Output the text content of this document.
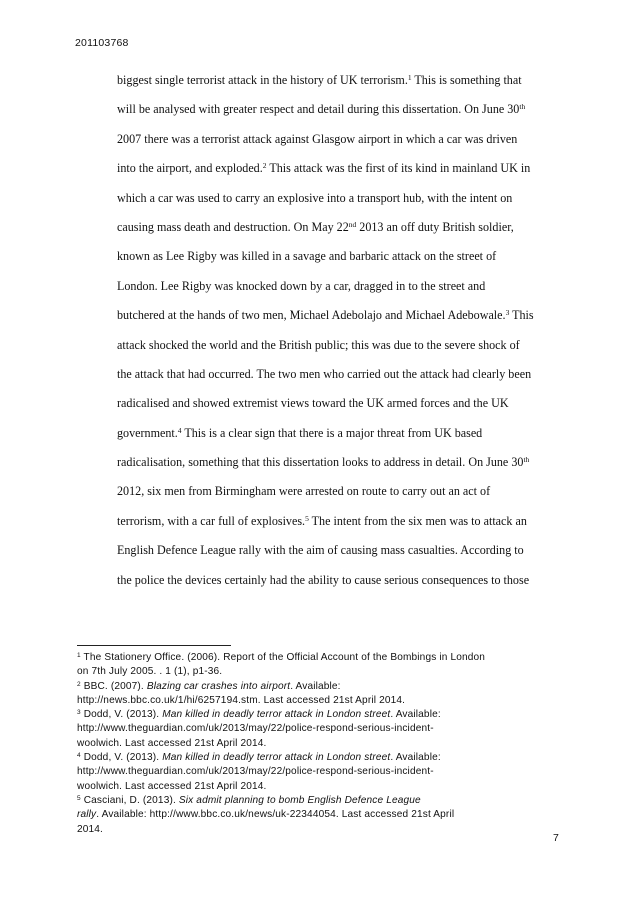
201103768
biggest single terrorist attack in the history of UK terrorism.$^1$ This is something that
will be analysed with greater respect and detail during this dissertation. On June 30th
2007 there was a terrorist attack against Glasgow airport in which a car was driven
into the airport, and exploded.$^2$ This attack was the first of its kind in mainland UK in
which a car was used to carry an explosive into a transport hub, with the intent on
causing mass death and destruction. On May 22nd 2013 an off duty British soldier,
known as Lee Rigby was killed in a savage and barbaric attack on the street of
London. Lee Rigby was knocked down by a car, dragged in to the street and
butchered at the hands of two men, Michael Adebolajo and Michael Adebowale.$^3$ This
attack shocked the world and the British public; this was due to the severe shock of
the attack that had occurred. The two men who carried out the attack had clearly been
radicalised and showed extremist views toward the UK armed forces and the UK
government.$^4$ This is a clear sign that there is a major threat from UK based
radicalisation, something that this dissertation looks to address in detail. On June 30th
2012, six men from Birmingham were arrested on route to carry out an act of
terrorism, with a car full of explosives.$^5$ The intent from the six men was to attack an
English Defence League rally with the aim of causing mass casualties. According to
the police the devices certainly had the ability to cause serious consequences to those
$^1$ The Stationery Office. (2006). Report of the Official Account of the Bombings in London
on 7th July 2005. . 1 (1), p1-36.
$^2$ BBC. (2007). Blazing car crashes into airport. Available:
http://news.bbc.co.uk/1/hi/6257194.stm. Last accessed 21st April 2014.
$^3$ Dodd, V. (2013). Man killed in deadly terror attack in London street. Available:
http://www.theguardian.com/uk/2013/may/22/police-respond-serious-incident-
woolwich. Last accessed 21st April 2014.
$^4$ Dodd, V. (2013). Man killed in deadly terror attack in London street. Available:
http://www.theguardian.com/uk/2013/may/22/police-respond-serious-incident-
woolwich. Last accessed 21st April 2014.
$^5$ Casciani, D. (2013). Six admit planning to bomb English Defence League
rally. Available: http://www.bbc.co.uk/news/uk-22344054. Last accessed 21st April
2014.
7
